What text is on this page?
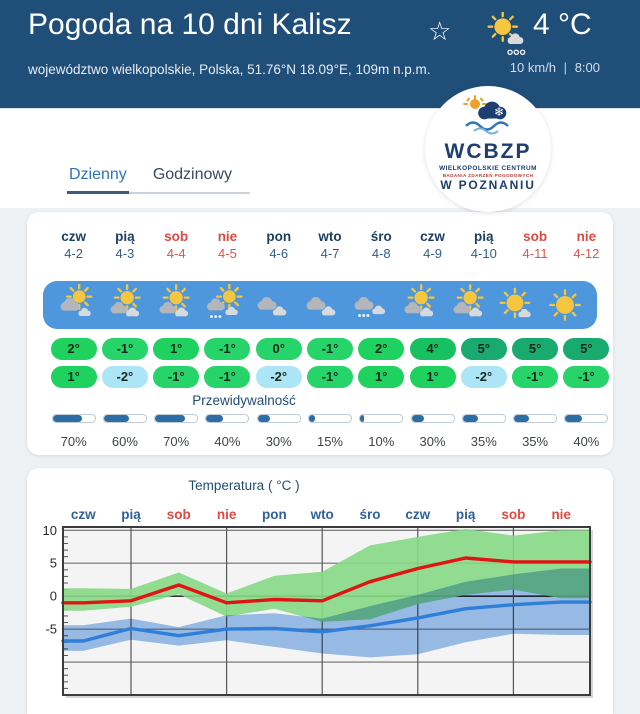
Pogoda na 10 dni Kalisz	☆	4 °C
10 km/h | 8:00
województwo wielkopolskie, Polska, 51.76°N 18.09°E, 109m n.p.m.
❄
WCBZP
WIELKOPOLSKIE CENTRUM
BADANIA ZDARZEŃ POGODOWYCH
W POZNANIU
Dzienny Godzinowy
czw	pią	sob	nie	pon	wto	śro	czw	pią	sob	nie
4-2	4-3	4-4	4-5	4-6	4-7	4-8	4-9	4-10	4-11	4-12
2°	-1°	1°	-1°	0°	-1°	2°	4°	5°	5°	5°
1°	-2°	-1°	-1°	-2°	-1°	1°	1°	-2°	-1°	-1°
Przewidywalność
70%	60%	70%	40%	30%	15%	10%	30%	35%	35%	40%
Temperatura ( °C )
10
5
0
-5
czw pią sob nie pon wto śro czw pią sob nie
